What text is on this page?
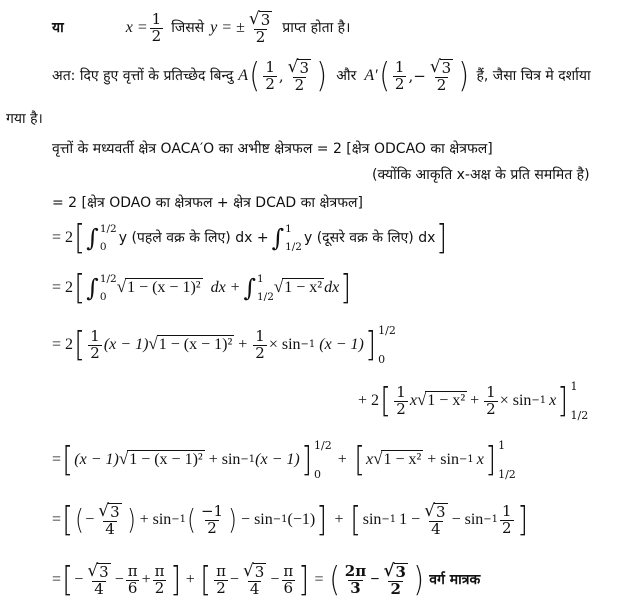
या	$x = \frac{1}{2}$ जिससे y = ± $\frac{√ 3}{2}$ प्राप्त होता है।
अत: दिए हुए वृत्तों के प्रतिच्छेद बिन्दु A ( $\frac{1}{2}$ , $\frac{√ 3}{2}$ ) और A′ ( $\frac{1}{2}$ , − $\frac{√ 3}{2}$ ) हैं, जैसा चित्र मे दर्शाया
गया है।
वृत्तों के मध्यवर्ती क्षेत्र OACA′O का अभीष्ट क्षेत्रफल = 2 [क्षेत्र ODCAO का क्षेत्रफल]
(क्योंकि आकृति x-अक्ष के प्रति सममित है)
= 2 [क्षेत्र ODAO का क्षेत्रफल + क्षेत्र DCAD का क्षेत्रफल]
= 2 [ ∫ 1/2
0
y (पहले वक्र के लिए) dx + ∫ 1
1/2
y (दूसरे वक्र के लिए) dx ]
= 2 [ ∫ 1/2
0
√ 1 − (x − 1)² dx + ∫ 1
1/2
√ 1 − x² dx ]
= 2 [ $\frac{1}{2} (x - 1)$ √ $1 - (x - 1)^2 + \frac{1}{2} \times \sin -1$ (x − 1) ] 1/2
0
+ 2 [ $\frac{1}{2}$ x √ $1 - x^2 + \frac{1}{2} \times \sin -1$ x ] 1
1/2
= [ (x − 1) √ 1 − (x − 1)² + sin −1 (x − 1) ] 1/2
0
+ [ x √ 1 − x² + sin −1 x ] 1
1/2
= [ ( − $\frac{√ 3}{4}$ ) + sin −1 ( $\frac{-1}{2}$ ) − sin −1 (−1) ] + [ sin −1 $1 - \frac{√ 3}{4} - \sin -1 \frac{1}{2}$ ]
= [ − $\frac{√ 3}{4} - \frac{\pi}{6} + \frac{\pi}{2}$ ] + [ $\frac{\pi}{2} - \frac{√ 3}{4} - \frac{\pi}{6}$ ] = ( $\frac{2\pi}{3} - \frac{√ 3}{2}$ ) वर्ग मात्रक
